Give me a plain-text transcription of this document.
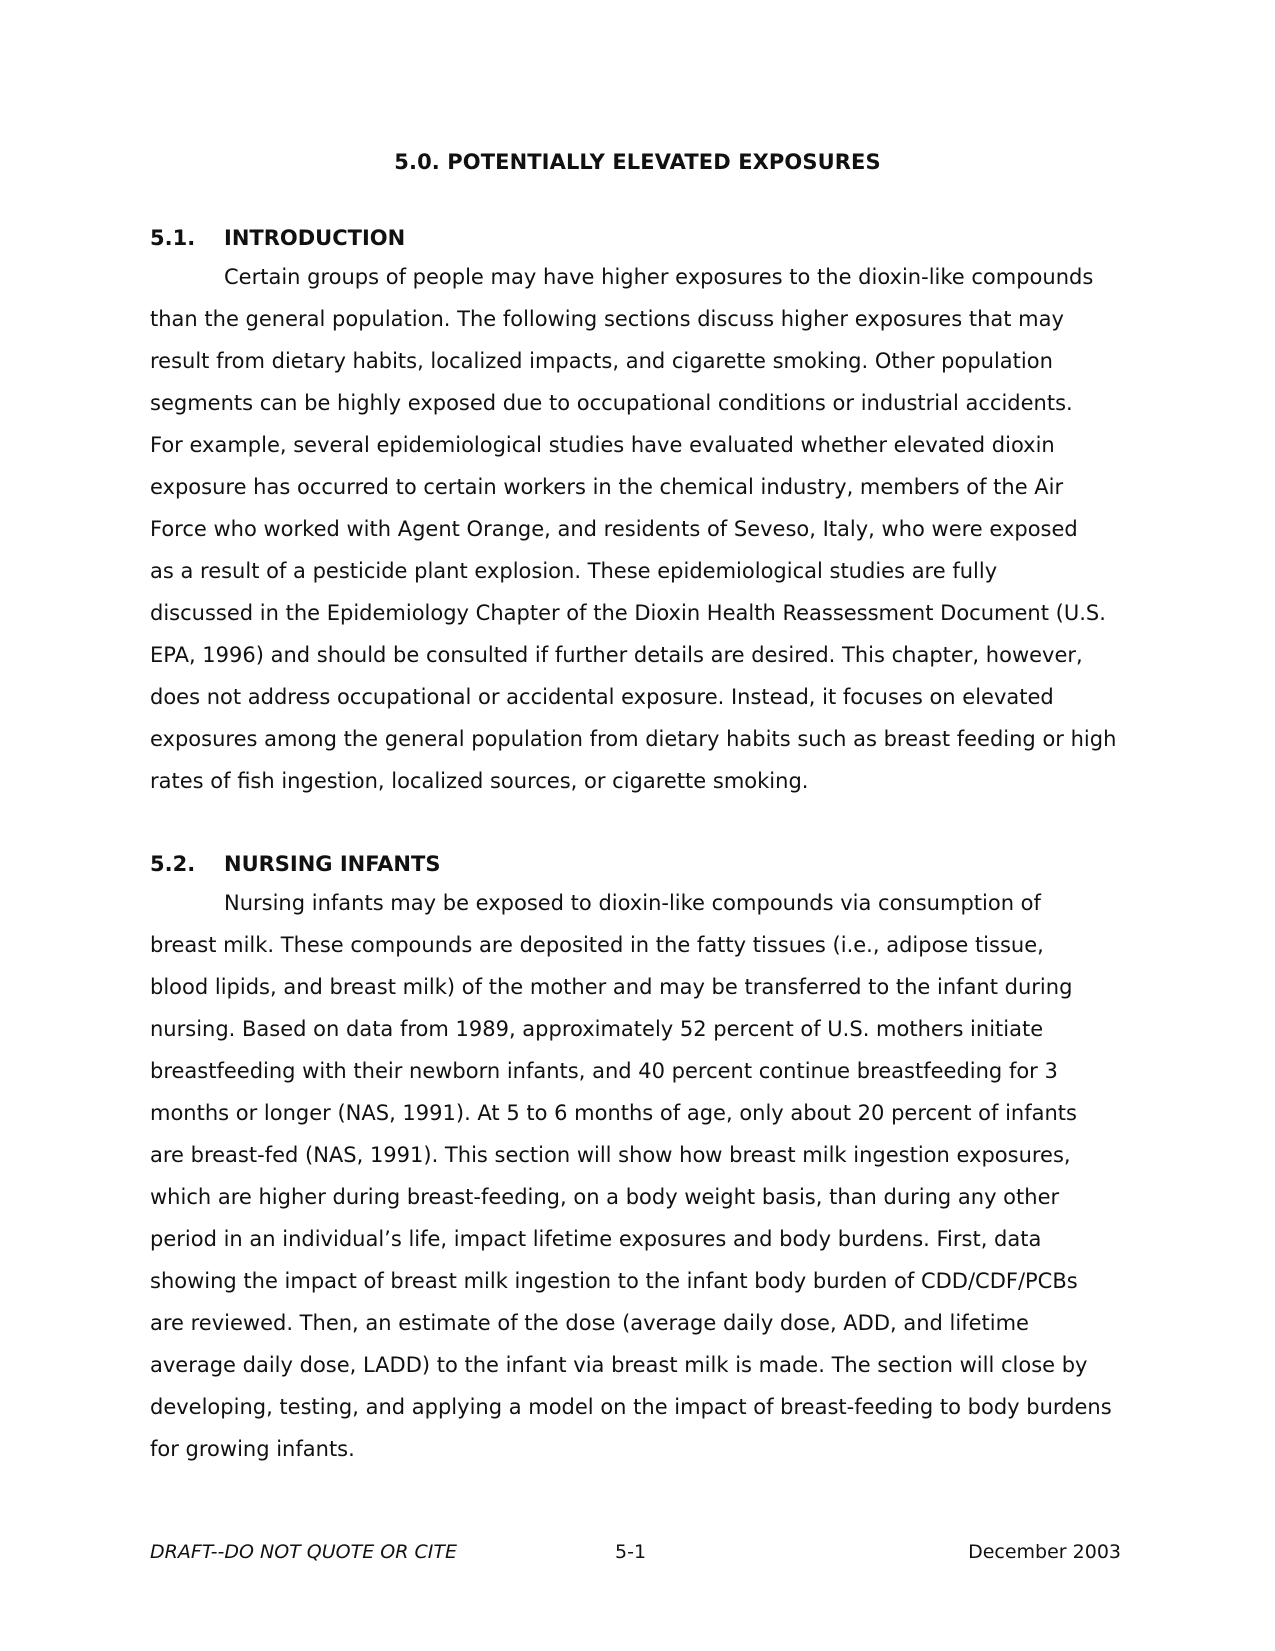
5.0. POTENTIALLY ELEVATED EXPOSURES
5.1. INTRODUCTION
Certain groups of people may have higher exposures to the dioxin-like compounds
than the general population. The following sections discuss higher exposures that may
result from dietary habits, localized impacts, and cigarette smoking. Other population
segments can be highly exposed due to occupational conditions or industrial accidents.
For example, several epidemiological studies have evaluated whether elevated dioxin
exposure has occurred to certain workers in the chemical industry, members of the Air
Force who worked with Agent Orange, and residents of Seveso, Italy, who were exposed
as a result of a pesticide plant explosion. These epidemiological studies are fully
discussed in the Epidemiology Chapter of the Dioxin Health Reassessment Document (U.S.
EPA, 1996) and should be consulted if further details are desired. This chapter, however,
does not address occupational or accidental exposure. Instead, it focuses on elevated
exposures among the general population from dietary habits such as breast feeding or high
rates of fish ingestion, localized sources, or cigarette smoking.
5.2. NURSING INFANTS
Nursing infants may be exposed to dioxin-like compounds via consumption of
breast milk. These compounds are deposited in the fatty tissues (i.e., adipose tissue,
blood lipids, and breast milk) of the mother and may be transferred to the infant during
nursing. Based on data from 1989, approximately 52 percent of U.S. mothers initiate
breastfeeding with their newborn infants, and 40 percent continue breastfeeding for 3
months or longer (NAS, 1991). At 5 to 6 months of age, only about 20 percent of infants
are breast-fed (NAS, 1991). This section will show how breast milk ingestion exposures,
which are higher during breast-feeding, on a body weight basis, than during any other
period in an individual’s life, impact lifetime exposures and body burdens. First, data
showing the impact of breast milk ingestion to the infant body burden of CDD/CDF/PCBs
are reviewed. Then, an estimate of the dose (average daily dose, ADD, and lifetime
average daily dose, LADD) to the infant via breast milk is made. The section will close by
developing, testing, and applying a model on the impact of breast-feeding to body burdens
for growing infants.

DRAFT--DO NOT QUOTE OR CITE	5-1	December 2003
